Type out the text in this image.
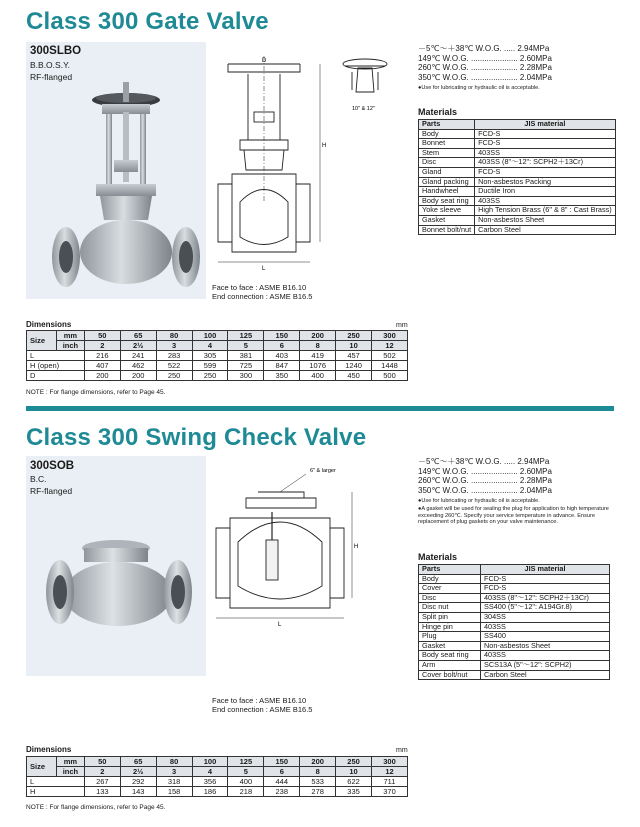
Class 300 Gate Valve
300SLBO
B.B.O.S.Y.
RF-flanged
D
H
L
10" & 12"
Face to face : ASME B16.10
End connection : ASME B16.5
－5℃～＋38℃ W.O.G. ..... 2.94MPa
149℃ W.O.G. ..................... 2.60MPa
260℃ W.O.G. ..................... 2.28MPa
350℃ W.O.G. ..................... 2.04MPa
●Use for lubricating or hydraulic oil is acceptable.
Materials
Parts	JIS material
Body	FCD-S
Bonnet	FCD-S
Stem	403SS
Disc	403SS (8"～12": SCPH2＋13Cr)
Gland	FCD-S
Gland packing	Non-asbestos Packing
Handwheel	Ductile Iron
Body seat ring	403SS
Yoke sleeve	High Tension Brass (6" & 8" : Cast Brass)
Gasket	Non-asbestos Sheet
Bonnet bolt/nut	Carbon Steel
Dimensions	mm
Size	mm	50	65	80	100	125	150	200	250	300
	inch	2	2½	3	4	5	6	8	10	12
L		216	241	283	305	381	403	419	457	502
H (open)		407	462	522	599	725	847	1076	1240	1448
D		200	200	250	250	300	350	400	450	500
NOTE : For flange dimensions, refer to Page 45.
Class 300 Swing Check Valve
300SOB
B.C.
RF-flanged
6" & larger
H
L
Face to face : ASME B16.10
End connection : ASME B16.5
－5℃～＋38℃ W.O.G. ..... 2.94MPa
149℃ W.O.G. ..................... 2.60MPa
260℃ W.O.G. ..................... 2.28MPa
350℃ W.O.G. ..................... 2.04MPa
●Use for lubricating or hydraulic oil is acceptable.
●A gasket will be used for sealing the plug for application to high temperature exceeding 260℃. Specify your service temperature in advance. Ensure replacement of plug gaskets on your valve maintenance.
Materials
Parts	JIS material
Body	FCD-S
Cover	FCD-S
Disc	403SS (8"～12": SCPH2＋13Cr)
Disc nut	SS400 (5"～12": A194Gr.8)
Split pin	304SS
Hinge pin	403SS
Plug	SS400
Gasket	Non-asbestos Sheet
Body seat ring	403SS
Arm	SCS13A (5"～12": SCPH2)
Cover bolt/nut	Carbon Steel
Dimensions	mm
Size	mm	50	65	80	100	125	150	200	250	300
	inch	2	2½	3	4	5	6	8	10	12
L		267	292	318	356	400	444	533	622	711
H		133	143	158	186	218	238	278	335	370
NOTE : For flange dimensions, refer to Page 45.
